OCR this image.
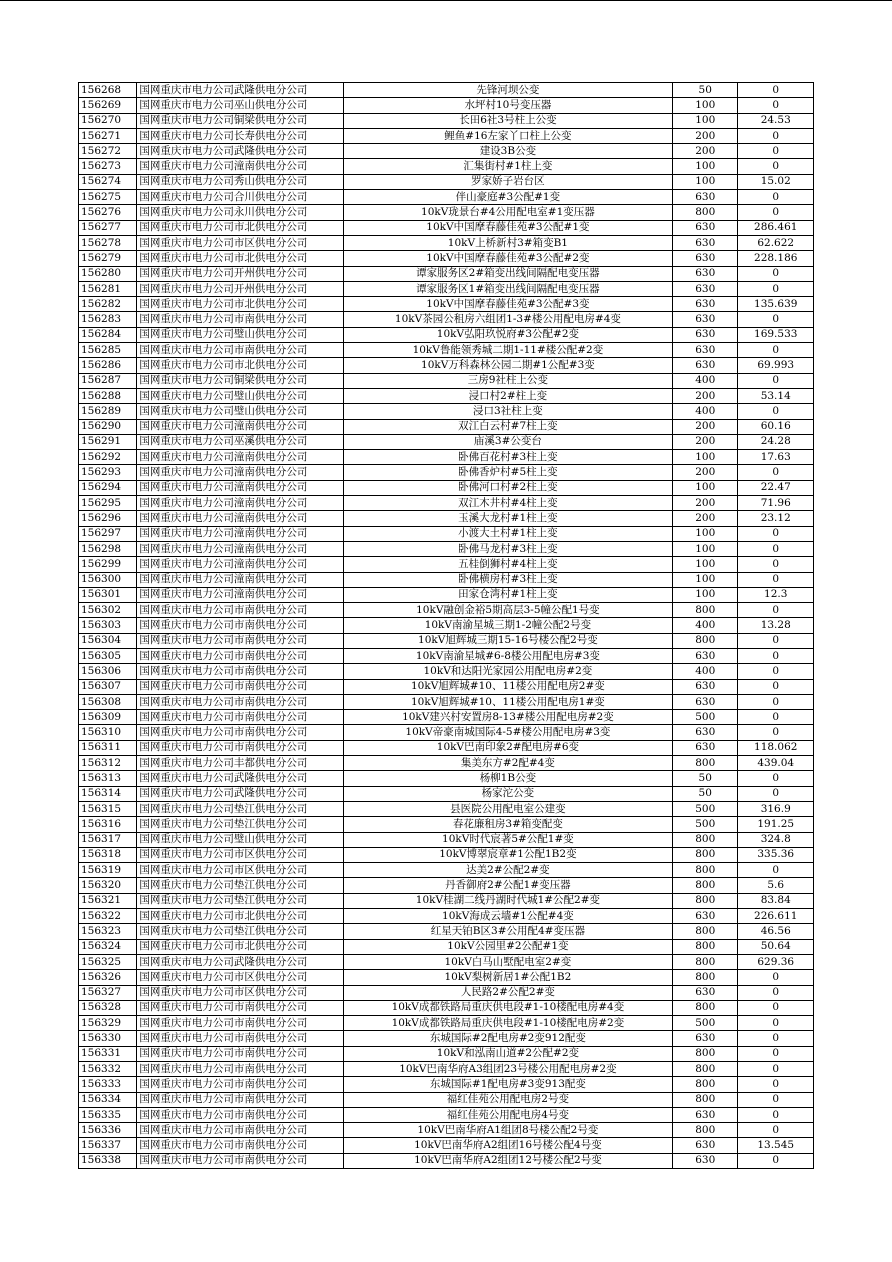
156268	国网重庆市电力公司武隆供电分公司	先锋河坝公变	50	0
156269	国网重庆市电力公司巫山供电分公司	水坪村10号变压器	100	0
156270	国网重庆市电力公司铜梁供电分公司	长田6社3号柱上公变	100	24.53
156271	国网重庆市电力公司长寿供电分公司	鲤鱼#16左家丫口柱上公变	200	0
156272	国网重庆市电力公司武隆供电分公司	建设3B公变	200	0
156273	国网重庆市电力公司潼南供电分公司	汇集街村#1柱上变	100	0
156274	国网重庆市电力公司秀山供电分公司	罗家娇子岩台区	100	15.02
156275	国网重庆市电力公司合川供电分公司	伴山豪庭#3公配#1变	630	0
156276	国网重庆市电力公司永川供电分公司	10kV珑景台#4公用配电室#1变压器	800	0
156277	国网重庆市电力公司市北供电分公司	10kV中国摩春藤佳苑#3公配#1变	630	286.461
156278	国网重庆市电力公司市区供电分公司	10kV上桥新村3#箱变B1	630	62.622
156279	国网重庆市电力公司市北供电分公司	10kV中国摩春藤佳苑#3公配#2变	630	228.186
156280	国网重庆市电力公司开州供电分公司	谭家服务区2#箱变出线间隔配电变压器	630	0
156281	国网重庆市电力公司开州供电分公司	谭家服务区1#箱变出线间隔配电变压器	630	0
156282	国网重庆市电力公司市北供电分公司	10kV中国摩春藤佳苑#3公配#3变	630	135.639
156283	国网重庆市电力公司市南供电分公司	10kV茶园公租房六组团1-3#楼公用配电房#4变	630	0
156284	国网重庆市电力公司璧山供电分公司	10kV弘阳玖悦府#3公配#2变	630	169.533
156285	国网重庆市电力公司市南供电分公司	10kV鲁能领秀城二期1-11#楼公配#2变	630	0
156286	国网重庆市电力公司市北供电分公司	10kV万科森林公园二期#1公配#3变	630	69.993
156287	国网重庆市电力公司铜梁供电分公司	三房9社柱上公变	400	0
156288	国网重庆市电力公司璧山供电分公司	浸口村2#柱上变	200	53.14
156289	国网重庆市电力公司璧山供电分公司	浸口3社柱上变	400	0
156290	国网重庆市电力公司潼南供电分公司	双江白云村#7柱上变	200	60.16
156291	国网重庆市电力公司巫溪供电分公司	庙溪3#公变台	200	24.28
156292	国网重庆市电力公司潼南供电分公司	卧佛百花村#3柱上变	100	17.63
156293	国网重庆市电力公司潼南供电分公司	卧佛香炉村#5柱上变	200	0
156294	国网重庆市电力公司潼南供电分公司	卧佛河口村#2柱上变	100	22.47
156295	国网重庆市电力公司潼南供电分公司	双江木井村#4柱上变	200	71.96
156296	国网重庆市电力公司潼南供电分公司	玉溪大龙村#1柱上变	200	23.12
156297	国网重庆市电力公司潼南供电分公司	小渡大土村#1柱上变	100	0
156298	国网重庆市电力公司潼南供电分公司	卧佛马龙村#3柱上变	100	0
156299	国网重庆市电力公司潼南供电分公司	五桂倒狮村#4柱上变	100	0
156300	国网重庆市电力公司潼南供电分公司	卧佛横房村#3柱上变	100	0
156301	国网重庆市电力公司潼南供电分公司	田家仓湾村#1柱上变	100	12.3
156302	国网重庆市电力公司市南供电分公司	10kV融创金裕5期高层3-5幢公配1号变	800	0
156303	国网重庆市电力公司市南供电分公司	10kV南渝星城三期1-2幢公配2号变	400	13.28
156304	国网重庆市电力公司市南供电分公司	10kV旭辉城三期15-16号楼公配2号变	800	0
156305	国网重庆市电力公司市南供电分公司	10kV南渝星城#6-8楼公用配电房#3变	630	0
156306	国网重庆市电力公司市南供电分公司	10kV和达阳光家园公用配电房#2变	400	0
156307	国网重庆市电力公司市南供电分公司	10kV旭辉城#10、11楼公用配电房2#变	630	0
156308	国网重庆市电力公司市南供电分公司	10kV旭辉城#10、11楼公用配电房1#变	630	0
156309	国网重庆市电力公司市南供电分公司	10kV建兴村安置房8-13#楼公用配电房#2变	500	0
156310	国网重庆市电力公司市南供电分公司	10kV帝豪南城国际4-5#楼公用配电房#3变	630	0
156311	国网重庆市电力公司市南供电分公司	10kV巴南印象2#配电房#6变	630	118.062
156312	国网重庆市电力公司丰都供电分公司	集美东方#2配#4变	800	439.04
156313	国网重庆市电力公司武隆供电分公司	杨柳1B公变	50	0
156314	国网重庆市电力公司武隆供电分公司	杨家沱公变	50	0
156315	国网重庆市电力公司垫江供电分公司	县医院公用配电室公建变	500	316.9
156316	国网重庆市电力公司垫江供电分公司	春花廉租房3#箱变配变	500	191.25
156317	国网重庆市电力公司璧山供电分公司	10kV时代宸著5#公配1#变	800	324.8
156318	国网重庆市电力公司市区供电分公司	10kV博翠宸章#1公配1B2变	800	335.36
156319	国网重庆市电力公司市区供电分公司	达美2#公配2#变	800	0
156320	国网重庆市电力公司垫江供电分公司	丹香御府2#公配1#变压器	800	5.6
156321	国网重庆市电力公司垫江供电分公司	10kV桂湖二线丹湖时代城1#公配2#变	800	83.84
156322	国网重庆市电力公司市北供电分公司	10kV海成云墙#1公配#4变	630	226.611
156323	国网重庆市电力公司垫江供电分公司	红星天铂B区3#公用配4#变压器	800	46.56
156324	国网重庆市电力公司市北供电分公司	10kV公园里#2公配#1变	800	50.64
156325	国网重庆市电力公司武隆供电分公司	10kV白马山墅配电室2#变	800	629.36
156326	国网重庆市电力公司市区供电分公司	10kV梨树新居1#公配1B2	800	0
156327	国网重庆市电力公司市区供电分公司	人民路2#公配2#变	630	0
156328	国网重庆市电力公司市南供电分公司	10kV成都铁路局重庆供电段#1-10楼配电房#4变	800	0
156329	国网重庆市电力公司市南供电分公司	10kV成都铁路局重庆供电段#1-10楼配电房#2变	500	0
156330	国网重庆市电力公司市南供电分公司	东城国际#2配电房#2变912配变	630	0
156331	国网重庆市电力公司市南供电分公司	10kV和泓南山道#2公配#2变	800	0
156332	国网重庆市电力公司市南供电分公司	10kV巴南华府A3组团23号楼公用配电房#2变	800	0
156333	国网重庆市电力公司市南供电分公司	东城国际#1配电房#3变913配变	800	0
156334	国网重庆市电力公司市南供电分公司	福红佳苑公用配电房2号变	800	0
156335	国网重庆市电力公司市南供电分公司	福红佳苑公用配电房4号变	630	0
156336	国网重庆市电力公司市南供电分公司	10kV巴南华府A1组团8号楼公配2号变	800	0
156337	国网重庆市电力公司市南供电分公司	10kV巴南华府A2组团16号楼公配4号变	630	13.545
156338	国网重庆市电力公司市南供电分公司	10kV巴南华府A2组团12号楼公配2号变	630	0
